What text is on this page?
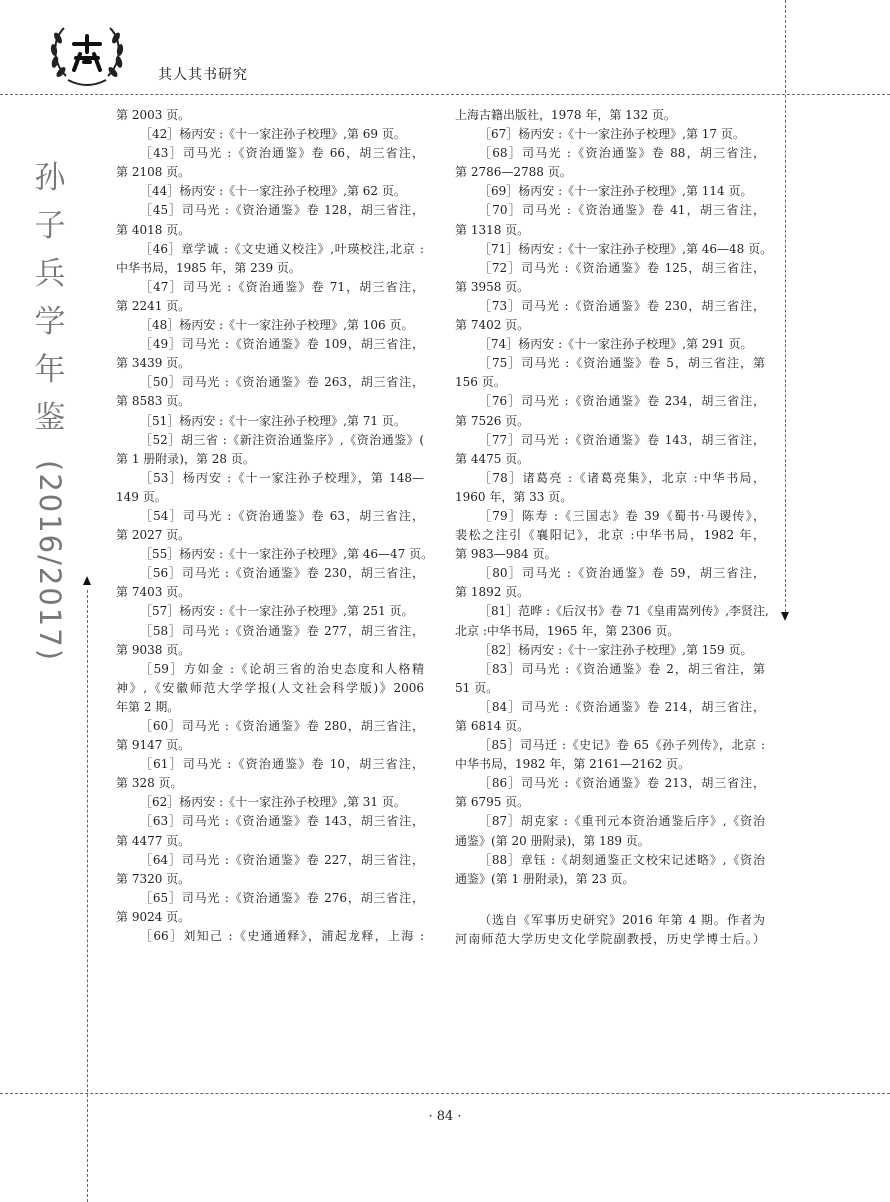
其人其书研究
孙
子
兵
学
年
鉴
(2016/2017)
第 2003 页。
［42］杨丙安 :《十一家注孙子校理》,第 69 页。
［43］司马光 :《资治通鉴》卷 66，胡三省注，
第 2108 页。
［44］杨丙安 :《十一家注孙子校理》,第 62 页。
［45］司马光 :《资治通鉴》卷 128，胡三省注，
第 4018 页。
［46］章学诚 :《文史通义校注》,叶瑛校注,北京 :
中华书局，1985 年，第 239 页。
［47］司马光 :《资治通鉴》卷 71，胡三省注，
第 2241 页。
［48］杨丙安 :《十一家注孙子校理》,第 106 页。
［49］司马光 :《资治通鉴》卷 109，胡三省注，
第 3439 页。
［50］司马光 :《资治通鉴》卷 263，胡三省注，
第 8583 页。
［51］杨丙安 :《十一家注孙子校理》,第 71 页。
［52］胡三省 :《新注资治通鉴序》,《资治通鉴》(
第 1 册附录)，第 28 页。
［53］杨丙安 :《十一家注孙子校理》，第 148—
149 页。
［54］司马光 :《资治通鉴》卷 63，胡三省注，
第 2027 页。
［55］杨丙安 :《十一家注孙子校理》,第 46—47 页。
［56］司马光 :《资治通鉴》卷 230，胡三省注，
第 7403 页。
［57］杨丙安 :《十一家注孙子校理》,第 251 页。
［58］司马光 :《资治通鉴》卷 277，胡三省注，
第 9038 页。
［59］方如金 :《论胡三省的治史态度和人格精
神》,《安徽师范大学学报(人文社会科学版)》2006
年第 2 期。
［60］司马光 :《资治通鉴》卷 280，胡三省注，
第 9147 页。
［61］司马光 :《资治通鉴》卷 10，胡三省注，
第 328 页。
［62］杨丙安 :《十一家注孙子校理》,第 31 页。
［63］司马光 :《资治通鉴》卷 143，胡三省注，
第 4477 页。
［64］司马光 :《资治通鉴》卷 227，胡三省注，
第 7320 页。
［65］司马光 :《资治通鉴》卷 276，胡三省注，
第 9024 页。
［66］刘知己 :《史通通释》，浦起龙释，上海 :
上海古籍出版社，1978 年，第 132 页。
［67］杨丙安 :《十一家注孙子校理》,第 17 页。
［68］司马光 :《资治通鉴》卷 88，胡三省注，
第 2786—2788 页。
［69］杨丙安 :《十一家注孙子校理》,第 114 页。
［70］司马光 :《资治通鉴》卷 41，胡三省注，
第 1318 页。
［71］杨丙安 :《十一家注孙子校理》,第 46—48 页。
［72］司马光 :《资治通鉴》卷 125，胡三省注，
第 3958 页。
［73］司马光 :《资治通鉴》卷 230，胡三省注，
第 7402 页。
［74］杨丙安 :《十一家注孙子校理》,第 291 页。
［75］司马光 :《资治通鉴》卷 5，胡三省注，第
156 页。
［76］司马光 :《资治通鉴》卷 234，胡三省注，
第 7526 页。
［77］司马光 :《资治通鉴》卷 143，胡三省注，
第 4475 页。
［78］诸葛亮 :《诸葛亮集》，北京 :中华书局，
1960 年，第 33 页。
［79］陈寿 :《三国志》卷 39《蜀书·马谡传》，
裴松之注引《襄阳记》，北京 :中华书局，1982 年，
第 983—984 页。
［80］司马光 :《资治通鉴》卷 59，胡三省注，
第 1892 页。
［81］范晔 :《后汉书》卷 71《皇甫嵩列传》,李贤注,
北京 :中华书局，1965 年，第 2306 页。
［82］杨丙安 :《十一家注孙子校理》,第 159 页。
［83］司马光 :《资治通鉴》卷 2，胡三省注，第
51 页。
［84］司马光 :《资治通鉴》卷 214，胡三省注，
第 6814 页。
［85］司马迁 :《史记》卷 65《孙子列传》，北京 :
中华书局，1982 年，第 2161—2162 页。
［86］司马光 :《资治通鉴》卷 213，胡三省注，
第 6795 页。
［87］胡克家 :《重刊元本资治通鉴后序》,《资治
通鉴》(第 20 册附录)，第 189 页。
［88］章钰 :《胡刻通鉴正文校宋记述略》,《资治
通鉴》(第 1 册附录)，第 23 页。
（选自《军事历史研究》2016 年第 4 期。作者为
河南师范大学历史文化学院副教授，历史学博士后。）
· 84 ·
